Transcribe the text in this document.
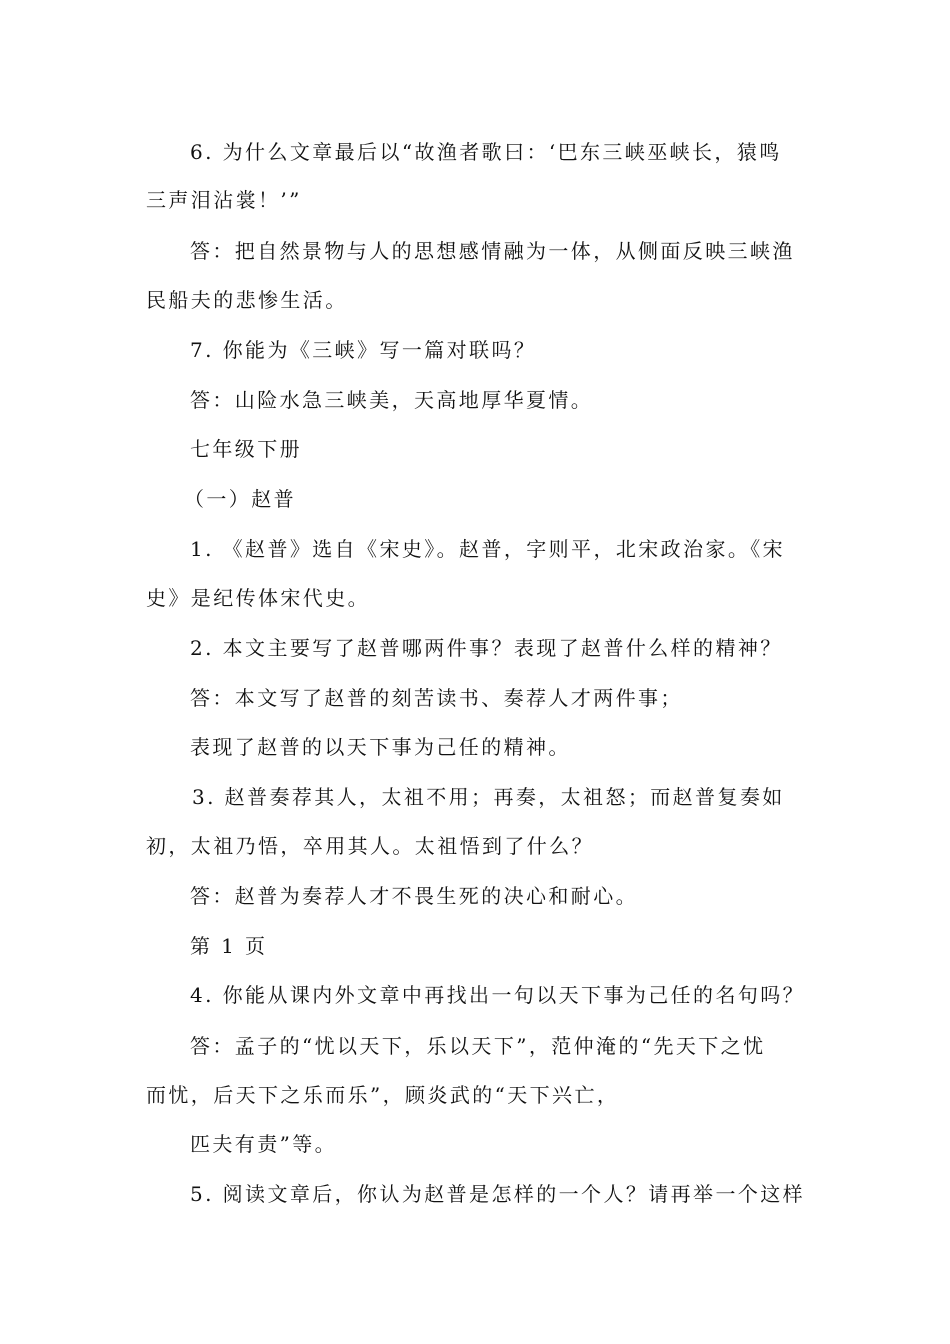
6. 为什么文章最后以“故渔者歌曰：‘巴东三峡巫峡长，猿鸣
三声泪沾裳！’”
答：把自然景物与人的思想感情融为一体，从侧面反映三峡渔
民船夫的悲惨生活。
7. 你能为《三峡》写一篇对联吗？
答：山险水急三峡美，天高地厚华夏情。
七年级下册
（一）赵普
1. 《赵普》选自《宋史》。赵普，字则平，北宋政治家。《宋
史》是纪传体宋代史。
2. 本文主要写了赵普哪两件事？表现了赵普什么样的精神？
答：本文写了赵普的刻苦读书、奏荐人才两件事；
表现了赵普的以天下事为己任的精神。
3. 赵普奏荐其人，太祖不用；再奏，太祖怒；而赵普复奏如
初，太祖乃悟，卒用其人。太祖悟到了什么？
答：赵普为奏荐人才不畏生死的决心和耐心。
第 1 页
4. 你能从课内外文章中再找出一句以天下事为己任的名句吗？
答：孟子的“忧以天下，乐以天下”，范仲淹的“先天下之忧
而忧，后天下之乐而乐”，顾炎武的“天下兴亡，
匹夫有责”等。
5. 阅读文章后，你认为赵普是怎样的一个人？请再举一个这样
